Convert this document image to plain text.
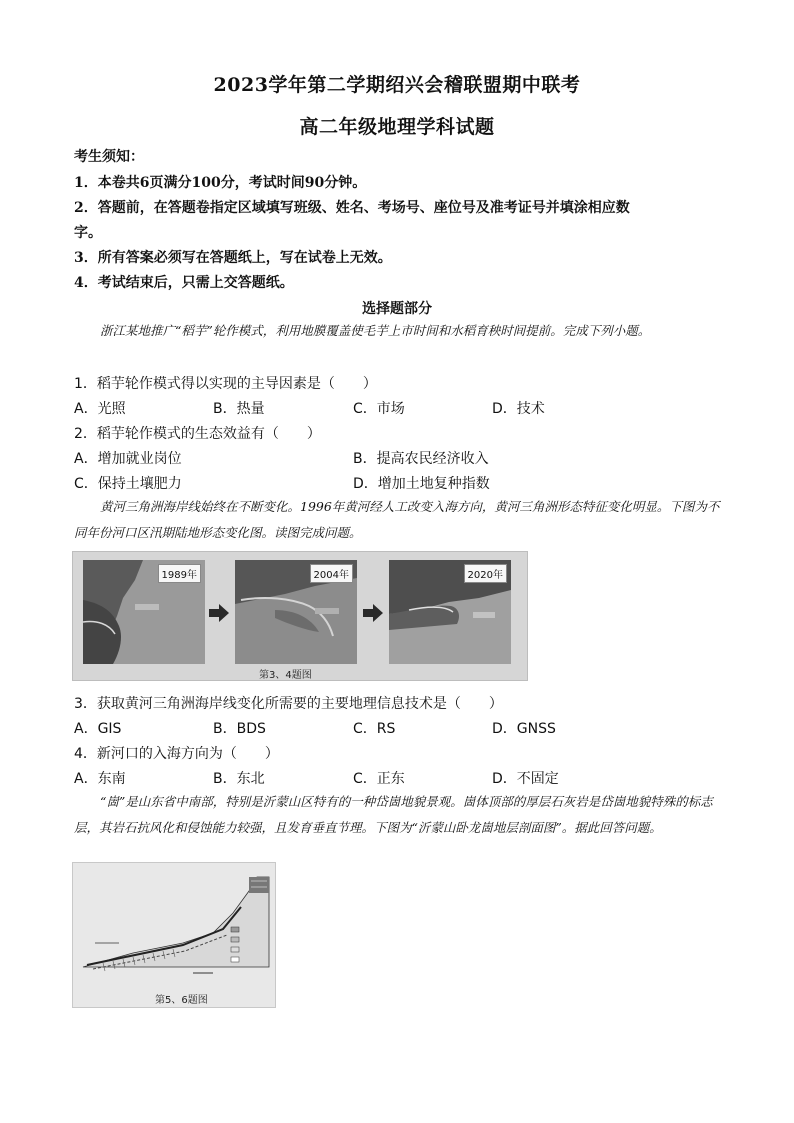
2023学年第二学期绍兴会稽联盟期中联考
高二年级地理学科试题
考生须知：
1．本卷共6页满分100分，考试时间90分钟。
2．答题前，在答题卷指定区域填写班级、姓名、考场号、座位号及准考证号并填涂相应数
字。
3．所有答案必须写在答题纸上，写在试卷上无效。
4．考试结束后，只需上交答题纸。
选择题部分
浙江某地推广“稻芋”轮作模式，利用地膜覆盖使毛芋上市时间和水稻育秧时间提前。完成下列小题。
1．稻芋轮作模式得以实现的主导因素是（　　）
A．光照	B．热量	C．市场	D．技术
2．稻芋轮作模式的生态效益有（　　）
A．增加就业岗位	B．提高农民经济收入
C．保持土壤肥力	D．增加土地复种指数
黄河三角洲海岸线始终在不断变化。1996年黄河经人工改变入海方向，黄河三角洲形态特征变化明显。下图为不同年份河口区汛期陆地形态变化图。读图完成问题。
1989年	2004年	2020年
第3、4题图
3．获取黄河三角洲海岸线变化所需要的主要地理信息技术是（　　）
A．GIS	B．BDS	C．RS	D．GNSS
4．新河口的入海方向为（　　）
A．东南	B．东北	C．正东	D．不固定
“崮”是山东省中南部，特别是沂蒙山区特有的一种岱崮地貌景观。崮体顶部的厚层石灰岩是岱崮地貌特殊的标志层，其岩石抗风化和侵蚀能力较强，且发育垂直节理。下图为“沂蒙山卧龙崮地层剖面图”。据此回答问题。
第5、6题图
